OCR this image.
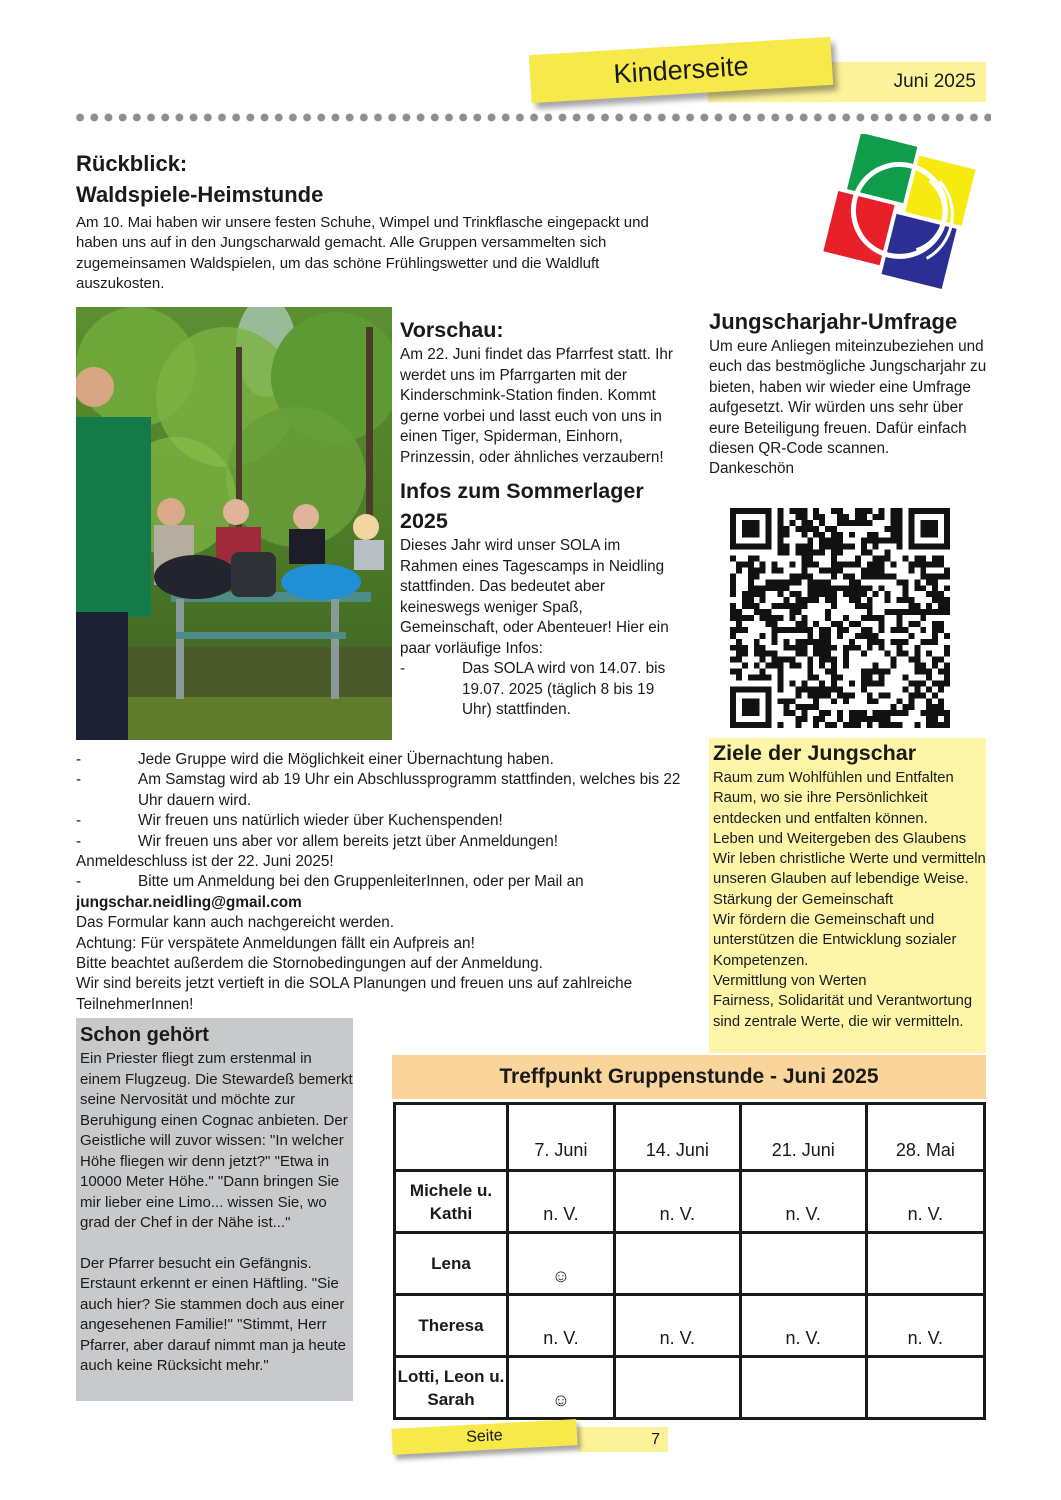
Juni 2025
Kinderseite
Rückblick:
Waldspiele-Heimstunde

Am 10. Mai haben wir unsere festen Schuhe, Wimpel und Trinkflasche eingepackt und haben uns auf in den Jungscharwald gemacht. Alle Gruppen versammelten sich zugemeinsamen Waldspielen, um das schöne Frühlingswetter und die Waldluft auszukosten.

Vorschau:

Am 22. Juni findet das Pfarrfest statt. Ihr werdet uns im Pfarrgarten mit der Kinderschmink-Station finden. Kommt gerne vorbei und lasst euch von uns in einen Tiger, Spiderman, Einhorn, Prinzessin, oder ähnliches verzaubern!

Infos zum Sommerlager 2025

Dieses Jahr wird unser SOLA im Rahmen eines Tagescamps in Neidling stattfinden. Das bedeutet aber keineswegs weniger Spaß, Gemeinschaft, oder Abenteuer! Hier ein paar vorläufige Infos:

-	Das SOLA wird von 14.07. bis 19.07. 2025 (täglich 8 bis 19 Uhr) stattfinden.
-	Jede Gruppe wird die Möglichkeit einer Übernachtung haben.
-	Am Samstag wird ab 19 Uhr ein Abschlussprogramm stattfinden, welches bis 22 Uhr dauern wird.
-	Wir freuen uns natürlich wieder über Kuchenspenden!
-	Wir freuen uns aber vor allem bereits jetzt über Anmeldungen!

Anmeldeschluss ist der 22. Juni 2025!

-	Bitte um Anmeldung bei den GruppenleiterInnen, oder per Mail an

jungschar.neidling@gmail.com

Das Formular kann auch nachgereicht werden.

Achtung: Für verspätete Anmeldungen fällt ein Aufpreis an!

Bitte beachtet außerdem die Stornobedingungen auf der Anmeldung.

Wir sind bereits jetzt vertieft in die SOLA Planungen und freuen uns auf zahlreiche TeilnehmerInnen!

Jungscharjahr-Umfrage

Um eure Anliegen miteinzubeziehen und euch das bestmögliche Jungscharjahr zu bieten, haben wir wieder eine Umfrage aufgesetzt. Wir würden uns sehr über eure Beteiligung freuen. Dafür einfach diesen QR-Code scannen.

Dankeschön

Ziele der Jungschar

Raum zum Wohlfühlen und Entfalten

Raum, wo sie ihre Persönlichkeit entdecken und entfalten können.

Leben und Weitergeben des Glaubens

Wir leben christliche Werte und vermitteln unseren Glauben auf lebendige Weise.

Stärkung der Gemeinschaft

Wir fördern die Gemeinschaft und unterstützen die Entwicklung sozialer Kompetenzen.

Vermittlung von Werten

Fairness, Solidarität und Verantwortung sind zentrale Werte, die wir vermitteln.

Schon gehört

Ein Priester fliegt zum erstenmal in einem Flugzeug. Die Stewardeß bemerkt seine Nervosität und möchte zur Beruhigung einen Cognac anbieten. Der Geistliche will zuvor wissen: "In welcher Höhe fliegen wir denn jetzt?" "Etwa in 10000 Meter Höhe." "Dann bringen Sie mir lieber eine Limo... wissen Sie, wo grad der Chef in der Nähe ist..."

Der Pfarrer besucht ein Gefängnis. Erstaunt erkennt er einen Häftling. "Sie auch hier? Sie stammen doch aus einer angesehenen Familie!" "Stimmt, Herr Pfarrer, aber darauf nimmt man ja heute auch keine Rücksicht mehr."

Treffpunkt Gruppenstunde - Juni 2025
	7. Juni	14. Juni	21. Juni	28. Mai
Michele u. Kathi	n. V.	n. V.	n. V.	n. V.
Lena	☺			
Theresa	n. V.	n. V.	n. V.	n. V.
Lotti, Leon u. Sarah	☺			
7
Seite
